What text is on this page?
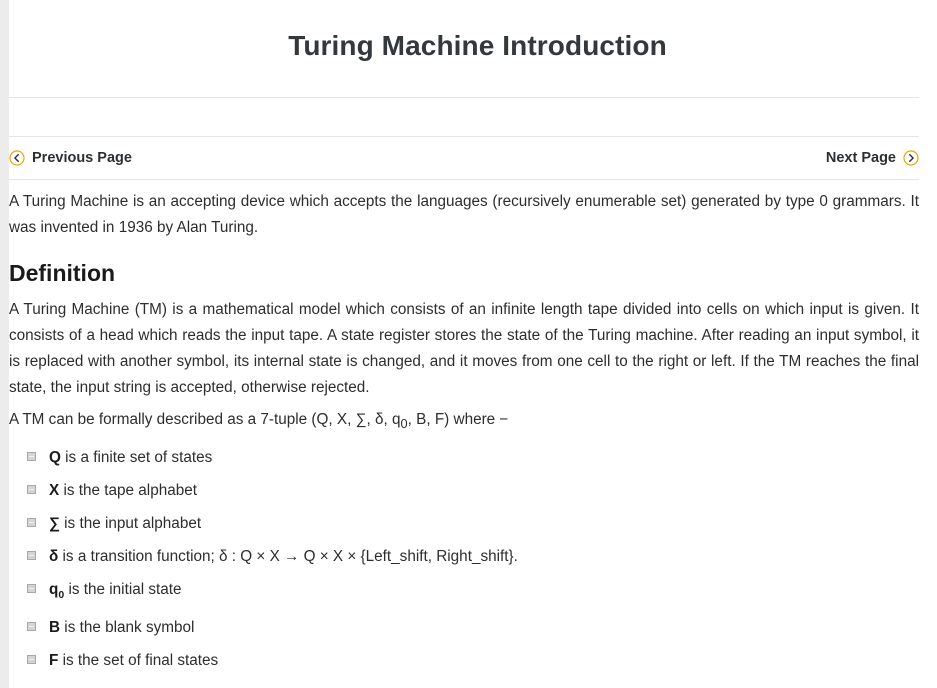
Turing Machine Introduction
Previous Page	Next Page

A Turing Machine is an accepting device which accepts the languages (recursively enumerable set) generated by type 0 grammars. It was invented in 1936 by Alan Turing.

Definition

A Turing Machine (TM) is a mathematical model which consists of an infinite length tape divided into cells on which input is given. It consists of a head which reads the input tape. A state register stores the state of the Turing machine. After reading an input symbol, it is replaced with another symbol, its internal state is changed, and it moves from one cell to the right or left. If the TM reaches the final state, the input string is accepted, otherwise rejected.

A TM can be formally described as a 7-tuple (Q, X, ∑, δ, $q_0$, B, F) where −

Q is a finite set of states
X is the tape alphabet
∑ is the input alphabet
δ is a transition function; δ : Q × X → Q × X × {Left_shift, Right_shift}.
$q_0$ is the initial state
B is the blank symbol
F is the set of final states
